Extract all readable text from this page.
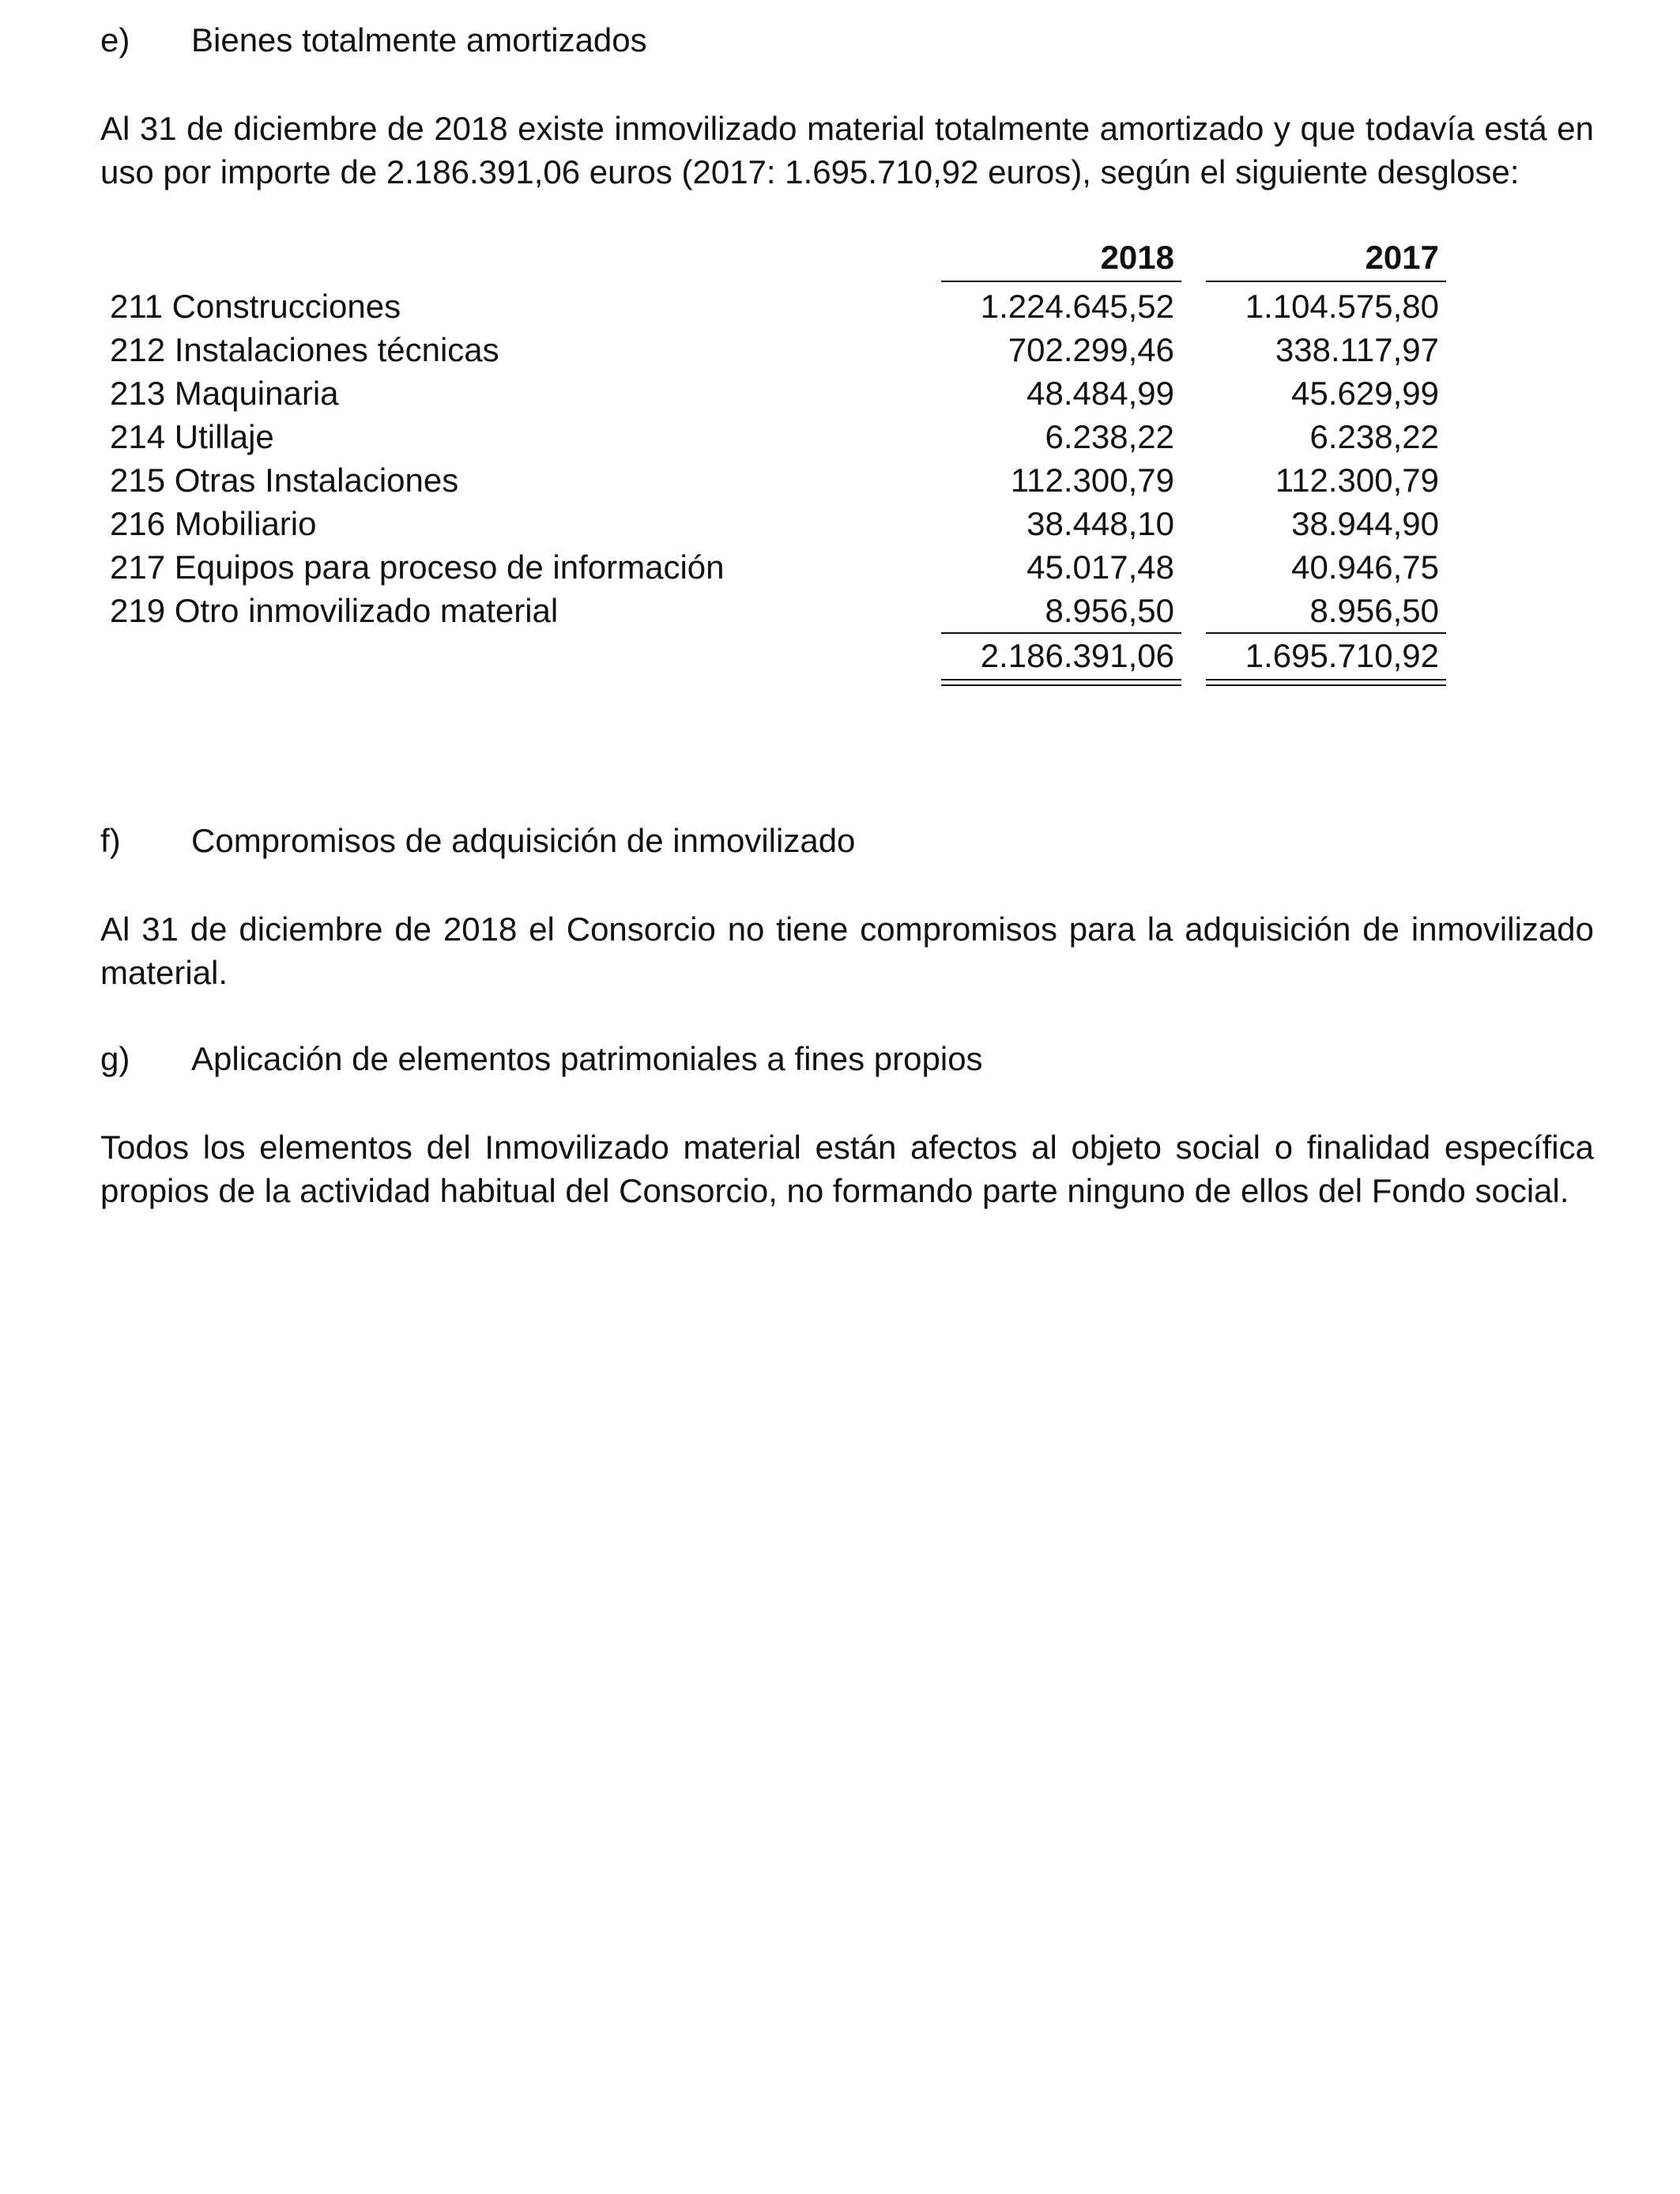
e) Bienes totalmente amortizados
Al 31 de diciembre de 2018 existe inmovilizado material totalmente amortizado y que todavía está en uso por importe de 2.186.391,06 euros (2017: 1.695.710,92 euros), según el siguiente desglose:
2018	2017
211 Construcciones	1.224.645,52 1.104.575,80
212 Instalaciones técnicas	702.299,46	338.117,97
213 Maquinaria	48.484,99	45.629,99
214 Utillaje	6.238,22	6.238,22
215 Otras Instalaciones	112.300,79	112.300,79
216 Mobiliario	38.448,10	38.944,90
217 Equipos para proceso de información	45.017,48	40.946,75
219 Otro inmovilizado material	8.956,50	8.956,50
2.186.391,06 1.695.710,92
f) Compromisos de adquisición de inmovilizado
Al 31 de diciembre de 2018 el Consorcio no tiene compromisos para la adquisición de inmovilizado material.
g) Aplicación de elementos patrimoniales a fines propios
Todos los elementos del Inmovilizado material están afectos al objeto social o finalidad específica propios de la actividad habitual del Consorcio, no formando parte ninguno de ellos del Fondo social.
